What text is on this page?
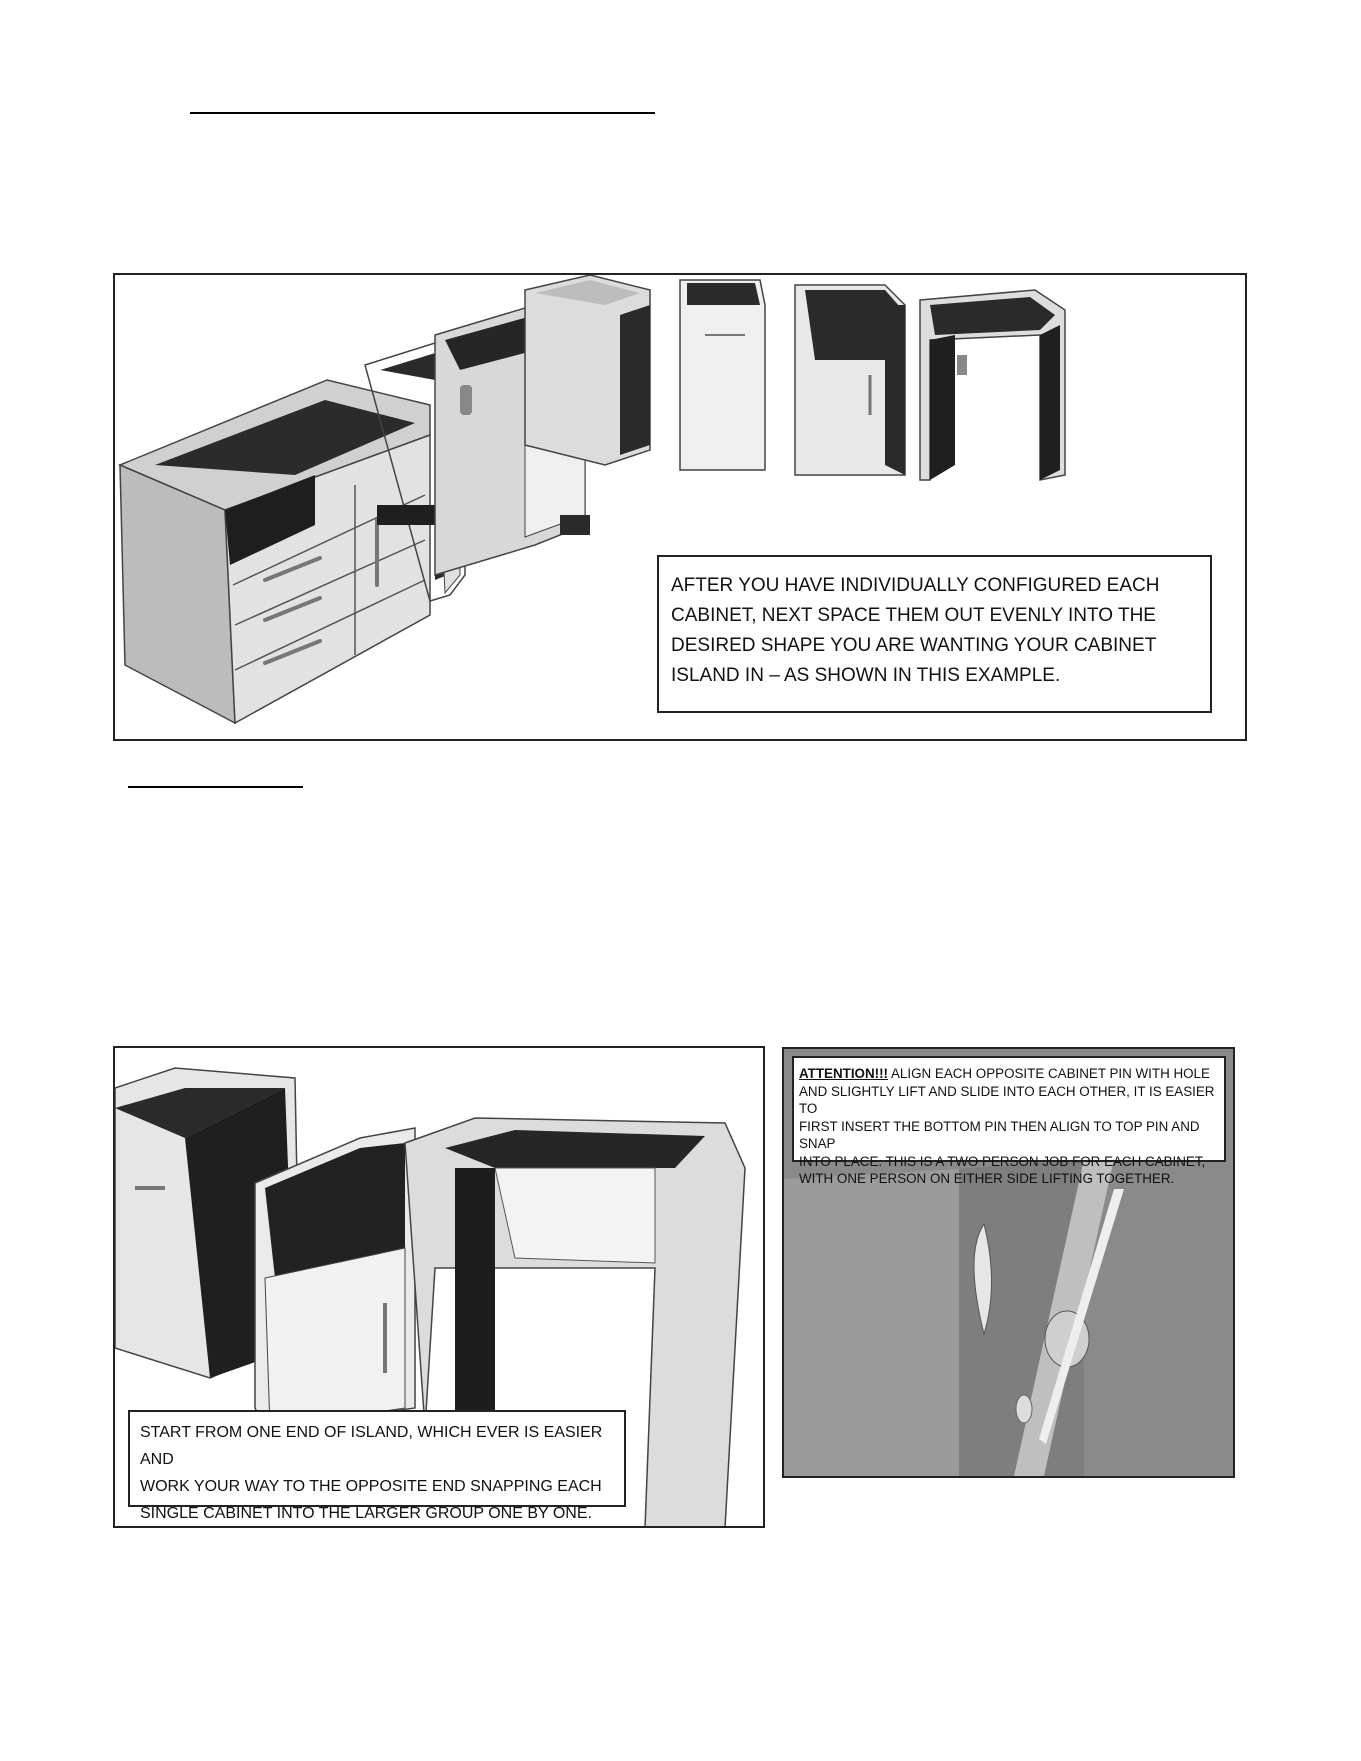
AFTER YOU HAVE INDIVIDUALLY CONFIGURED EACH
CABINET, NEXT SPACE THEM OUT EVENLY INTO THE
DESIRED SHAPE YOU ARE WANTING YOUR CABINET
ISLAND IN – AS SHOWN IN THIS EXAMPLE.
START FROM ONE END OF ISLAND, WHICH EVER IS EASIER AND
WORK YOUR WAY TO THE OPPOSITE END SNAPPING EACH
SINGLE CABINET INTO THE LARGER GROUP ONE BY ONE.
ATTENTION!!! ALIGN EACH OPPOSITE CABINET PIN WITH HOLE
AND SLIGHTLY LIFT AND SLIDE INTO EACH OTHER, IT IS EASIER TO
FIRST INSERT THE BOTTOM PIN THEN ALIGN TO TOP PIN AND SNAP
INTO PLACE. THIS IS A TWO PERSON JOB FOR EACH CABINET,
WITH ONE PERSON ON EITHER SIDE LIFTING TOGETHER.
